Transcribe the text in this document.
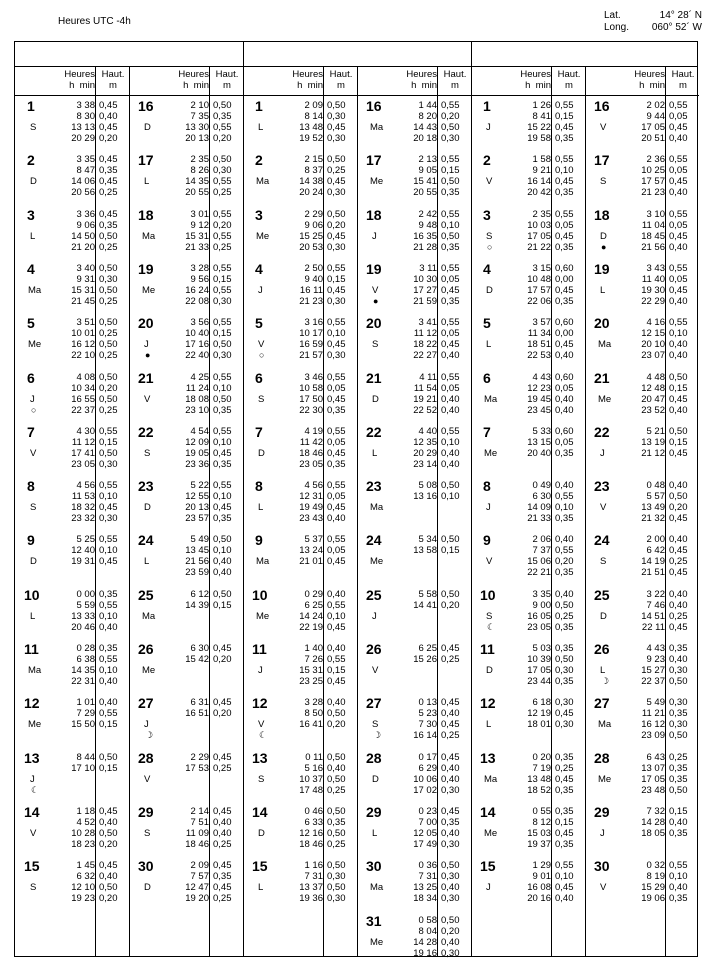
Heures UTC -4h
Lat.	14° 28´ N
Long. 060° 52´ W
Heures
h  min
Haut.
m
1
S
3 38 0,45
8 30 0,40
13 13 0,45
20 29 0,20
2
D
3 35 0,45
8 47 0,35
14 06 0,45
20 56 0,25
3
L
3 36 0,45
9 06 0,35
14 50 0,50
21 20 0,25
4
Ma
3 40 0,50
9 31 0,30
15 31 0,50
21 45 0,25
5
Me
3 51 0,50
10 01 0,25
16 12 0,50
22 10 0,25
6
J
○
4 08 0,50
10 34 0,20
16 55 0,50
22 37 0,25
7
V
4 30 0,55
11 12 0,15
17 41 0,50
23 05 0,30
8
S
4 56 0,55
11 53 0,10
18 32 0,45
23 32 0,30
9
D
5 25 0,55
12 40 0,10
19 31 0,45
10
L
0 00 0,35
5 59 0,55
13 33 0,10
20 46 0,40
11
Ma
0 28 0,35
6 38 0,55
14 35 0,10
22 31 0,40
12
Me
1 01 0,40
7 29 0,55
15 50 0,15
13
J
☾
8 44 0,50
17 10 0,15
14
V
1 18 0,45
4 52 0,40
10 28 0,50
18 23 0,20
15
S
1 45 0,45
6 32 0,40
12 10 0,50
19 23 0,20
Heures
h  min
Haut.
m
16
D
2 10 0,50
7 35 0,35
13 30 0,55
20 13 0,20
17
L
2 35 0,50
8 26 0,30
14 35 0,55
20 55 0,25
18
Ma
3 01 0,55
9 12 0,20
15 31 0,55
21 33 0,25
19
Me
3 28 0,55
9 56 0,15
16 24 0,55
22 08 0,30
20
J
●
3 56 0,55
10 40 0,15
17 16 0,50
22 40 0,30
21
V
4 25 0,55
11 24 0,10
18 08 0,50
23 10 0,35
22
S
4 54 0,55
12 09 0,10
19 05 0,45
23 36 0,35
23
D
5 22 0,55
12 55 0,10
20 13 0,45
23 57 0,35
24
L
5 49 0,50
13 45 0,10
21 56 0,40
23 59 0,40
25
Ma
6 12 0,50
14 39 0,15
26
Me
6 30 0,45
15 42 0,20
27
J
☽
6 31 0,45
16 51 0,20
28
V
2 29 0,45
17 53 0,25
29
S
2 14 0,45
7 51 0,40
11 09 0,40
18 46 0,25
30
D
2 09 0,45
7 57 0,35
12 47 0,45
19 20 0,25
Heures
h  min
Haut.
m
1
L
2 09 0,50
8 14 0,30
13 48 0,45
19 52 0,30
2
Ma
2 15 0,50
8 37 0,25
14 38 0,45
20 24 0,30
3
Me
2 29 0,50
9 06 0,20
15 25 0,45
20 53 0,30
4
J
2 50 0,55
9 40 0,15
16 11 0,45
21 23 0,30
5
V
○
3 16 0,55
10 17 0,10
16 59 0,45
21 57 0,30
6
S
3 46 0,55
10 58 0,05
17 50 0,45
22 30 0,35
7
D
4 19 0,55
11 42 0,05
18 46 0,45
23 05 0,35
8
L
4 56 0,55
12 31 0,05
19 49 0,45
23 43 0,40
9
Ma
5 37 0,55
13 24 0,05
21 01 0,45
10
Me
0 29 0,40
6 25 0,55
14 24 0,10
22 19 0,45
11
J
1 40 0,40
7 26 0,55
15 31 0,15
23 25 0,45
12
V
☾
3 28 0,40
8 50 0,50
16 41 0,20
13
S
0 11 0,50
5 16 0,40
10 37 0,50
17 48 0,25
14
D
0 46 0,50
6 33 0,35
12 16 0,50
18 46 0,25
15
L
1 16 0,50
7 31 0,30
13 37 0,50
19 36 0,30
Heures
h  min
Haut.
m
16
Ma
1 44 0,55
8 20 0,20
14 43 0,50
20 18 0,30
17
Me
2 13 0,55
9 05 0,15
15 41 0,50
20 55 0,35
18
J
2 42 0,55
9 48 0,10
16 35 0,50
21 28 0,35
19
V
●
3 11 0,55
10 30 0,05
17 27 0,45
21 59 0,35
20
S
3 41 0,55
11 12 0,05
18 22 0,45
22 27 0,40
21
D
4 11 0,55
11 54 0,05
19 21 0,40
22 52 0,40
22
L
4 40 0,55
12 35 0,10
20 29 0,40
23 14 0,40
23
Ma
5 08 0,50
13 16 0,10
24
Me
5 34 0,50
13 58 0,15
25
J
5 58 0,50
14 41 0,20
26
V
6 25 0,45
15 26 0,25
27
S
☽
0 13 0,45
5 23 0,40
7 30 0,45
16 14 0,25
28
D
0 17 0,45
6 29 0,40
10 06 0,40
17 02 0,30
29
L
0 23 0,45
7 00 0,35
12 05 0,40
17 49 0,30
30
Ma
0 36 0,50
7 31 0,30
13 25 0,40
18 34 0,30
31
Me
0 58 0,50
8 04 0,20
14 28 0,40
19 16 0,30
Heures
h  min
Haut.
m
1
J
1 26 0,55
8 41 0,15
15 22 0,45
19 58 0,35
2
V
1 58 0,55
9 21 0,10
16 14 0,45
20 42 0,35
3
S
○
2 35 0,55
10 03 0,05
17 05 0,45
21 22 0,35
4
D
3 15 0,60
10 48 0,00
17 57 0,45
22 06 0,35
5
L
3 57 0,60
11 34 0,00
18 51 0,45
22 53 0,40
6
Ma
4 43 0,60
12 23 0,05
19 45 0,40
23 45 0,40
7
Me
5 33 0,60
13 15 0,05
20 40 0,35
8
J
0 49 0,40
6 30 0,55
14 09 0,10
21 33 0,35
9
V
2 06 0,40
7 37 0,55
15 06 0,20
22 21 0,35
10
S
☾
3 35 0,40
9 00 0,50
16 05 0,25
23 05 0,35
11
D
5 03 0,35
10 39 0,50
17 05 0,30
23 44 0,35
12
L
6 18 0,30
12 19 0,45
18 01 0,30
13
Ma
0 20 0,35
7 19 0,25
13 48 0,45
18 52 0,35
14
Me
0 55 0,35
8 12 0,15
15 03 0,45
19 37 0,35
15
J
1 29 0,55
9 01 0,10
16 08 0,45
20 16 0,40
Heures
h  min
Haut.
m
16
V
2 02 0,55
9 44 0,05
17 05 0,45
20 51 0,40
17
S
2 36 0,55
10 25 0,05
17 57 0,45
21 23 0,40
18
D
●
3 10 0,55
11 04 0,05
18 45 0,45
21 56 0,40
19
L
3 43 0,55
11 40 0,05
19 30 0,45
22 29 0,40
20
Ma
4 16 0,55
12 15 0,10
20 10 0,40
23 07 0,40
21
Me
4 48 0,50
12 48 0,15
20 47 0,45
23 52 0,40
22
J
5 21 0,50
13 19 0,15
21 12 0,45
23
V
0 48 0,40
5 57 0,50
13 49 0,20
21 32 0,45
24
S
2 00 0,40
6 42 0,45
14 19 0,25
21 51 0,45
25
D
3 22 0,40
7 46 0,40
14 51 0,25
22 11 0,45
26
L
☽
4 43 0,35
9 23 0,40
15 27 0,30
22 37 0,50
27
Ma
5 49 0,30
11 21 0,35
16 12 0,30
23 09 0,50
28
Me
6 43 0,25
13 07 0,35
17 05 0,35
23 48 0,50
29
J
7 32 0,15
14 28 0,40
18 05 0,35
30
V
0 32 0,55
8 19 0,10
15 29 0,40
19 06 0,35
